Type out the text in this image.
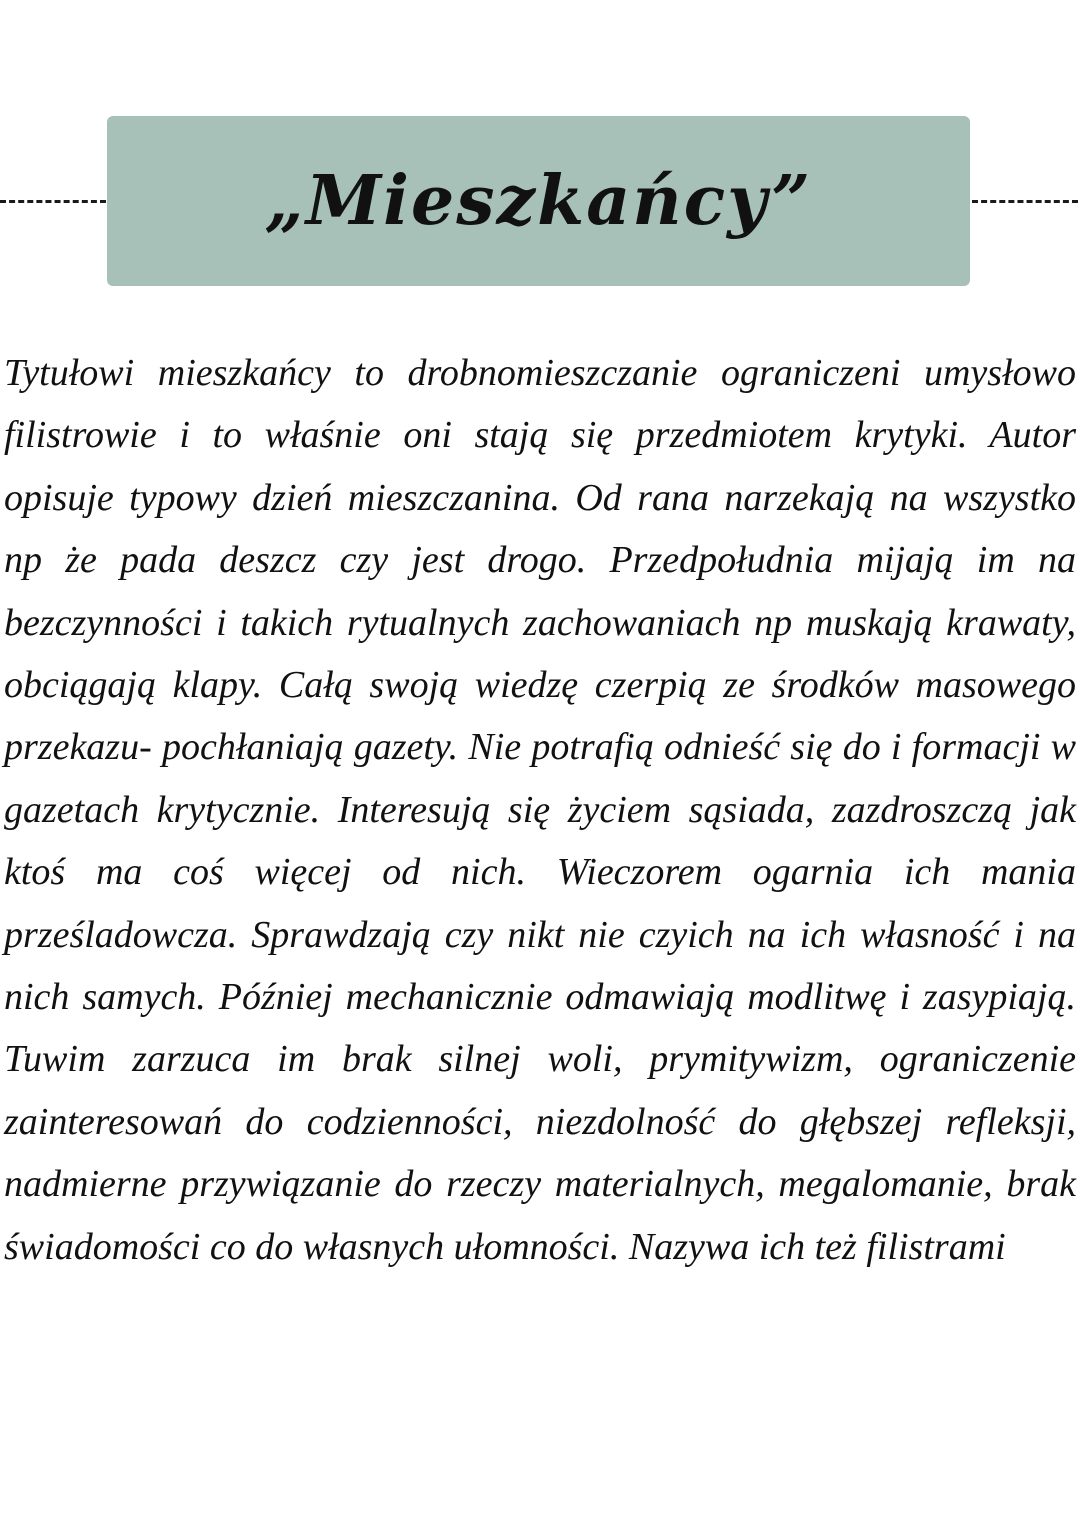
„Mieszkańcy”

Tytułowi mieszkańcy to drobnomieszczanie ograniczeni umysłowo filistrowie i to właśnie oni stają się przedmiotem krytyki. Autor opisuje typowy dzień mieszczanina. Od rana narzekają na wszystko np że pada deszcz czy jest drogo. Przedpołudnia mijają im na bezczynności i takich rytualnych zachowaniach np muskają krawaty, obciągają klapy. Całą swoją wiedzę czerpią ze środków masowego przekazu- pochłaniają gazety. Nie potrafią odnieść się do i formacji w gazetach krytycznie. Interesują się życiem sąsiada, zazdroszczą jak ktoś ma coś więcej od nich. Wieczorem ogarnia ich mania prześladowcza. Sprawdzają czy nikt nie czyich na ich własność i na nich samych. Później mechanicznie odmawiają modlitwę i zasypiają. Tuwim zarzuca im brak silnej woli, prymitywizm, ograniczenie zainteresowań do codzienności, niezdolność do głębszej refleksji, nadmierne przywiązanie do rzeczy materialnych, megalomanie, brak świadomości co do własnych ułomności. Nazywa ich też filistrami
